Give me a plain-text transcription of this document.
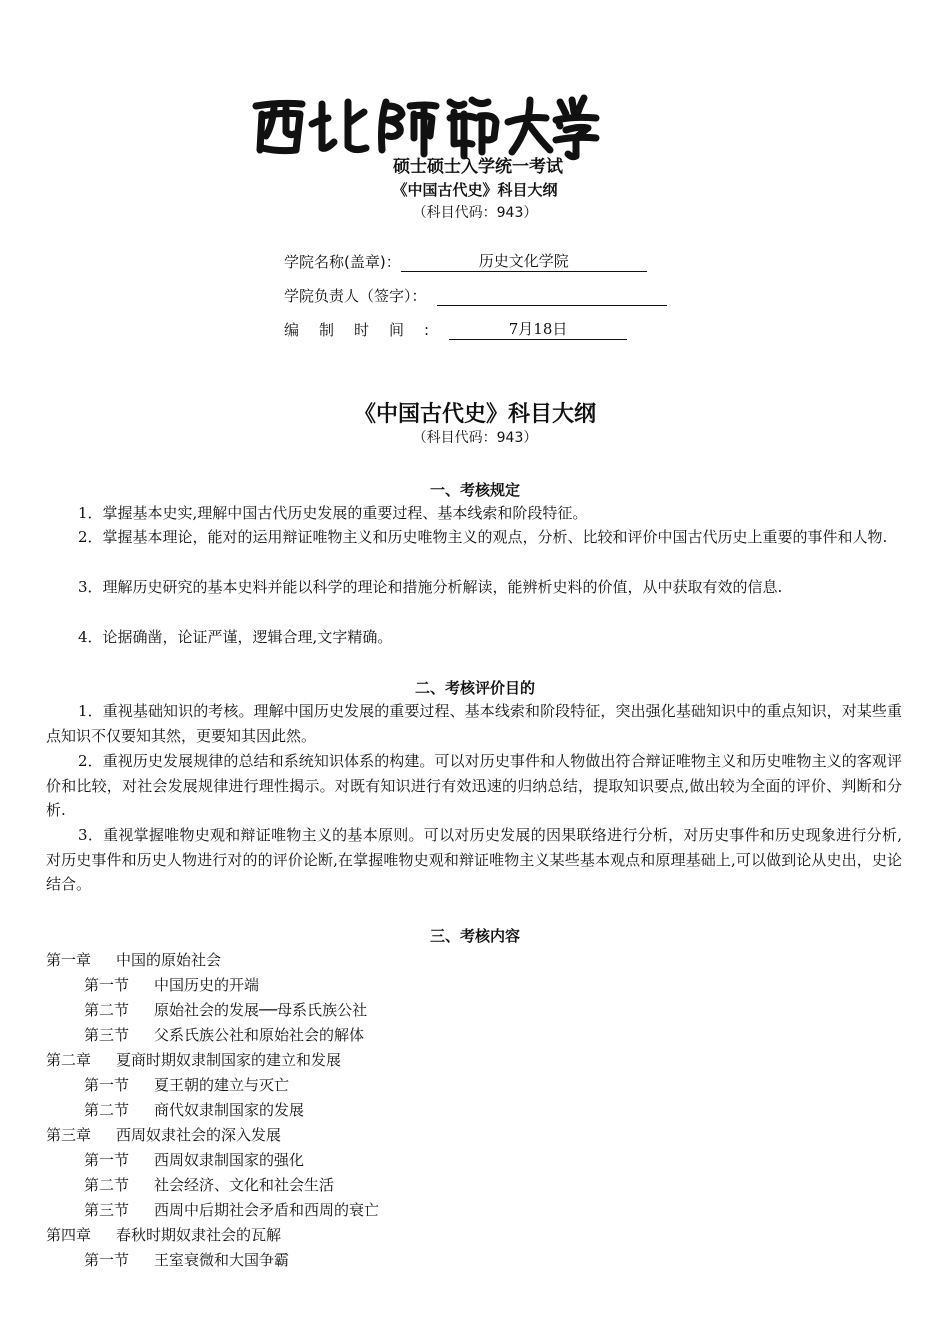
硕士硕士入学统一考试
《中国古代史》科目大纲
（科目代码：943）
学院名称(盖章)：	历史文化学院
学院负责人（签字）：
编制时间:	7月18日
《中国古代史》科目大纲
（科目代码：943）
一、考核规定
1．掌握基本史实,理解中国古代历史发展的重要过程、基本线索和阶段特征。
2．掌握基本理论，能对的运用辩证唯物主义和历史唯物主义的观点，分析、比较和评价中国古代历史上重要的事件和人物.
3．理解历史研究的基本史料并能以科学的理论和措施分析解读，能辨析史料的价值，从中获取有效的信息.
4．论据确凿，论证严谨，逻辑合理,文字精确。
二、考核评价目的
1．重视基础知识的考核。理解中国历史发展的重要过程、基本线索和阶段特征，突出强化基础知识中的重点知识，对某些重点知识不仅要知其然，更要知其因此然。
2．重视历史发展规律的总结和系统知识体系的构建。可以对历史事件和人物做出符合辩证唯物主义和历史唯物主义的客观评价和比较，对社会发展规律进行理性揭示。对既有知识进行有效迅速的归纳总结，提取知识要点,做出较为全面的评价、判断和分析.
3．重视掌握唯物史观和辩证唯物主义的基本原则。可以对历史发展的因果联络进行分析，对历史事件和历史现象进行分析,对历史事件和历史人物进行对的的评价论断,在掌握唯物史观和辩证唯物主义某些基本观点和原理基础上,可以做到论从史出，史论结合。
三、考核内容
第一章 中国的原始社会
第一节 中国历史的开端
第二节 原始社会的发展──母系氏族公社
第三节 父系氏族公社和原始社会的解体
第二章 夏商时期奴隶制国家的建立和发展
第一节 夏王朝的建立与灭亡
第二节 商代奴隶制国家的发展
第三章 西周奴隶社会的深入发展
第一节 西周奴隶制国家的强化
第二节 社会经济、文化和社会生活
第三节 西周中后期社会矛盾和西周的衰亡
第四章 春秋时期奴隶社会的瓦解
第一节 王室衰微和大国争霸
